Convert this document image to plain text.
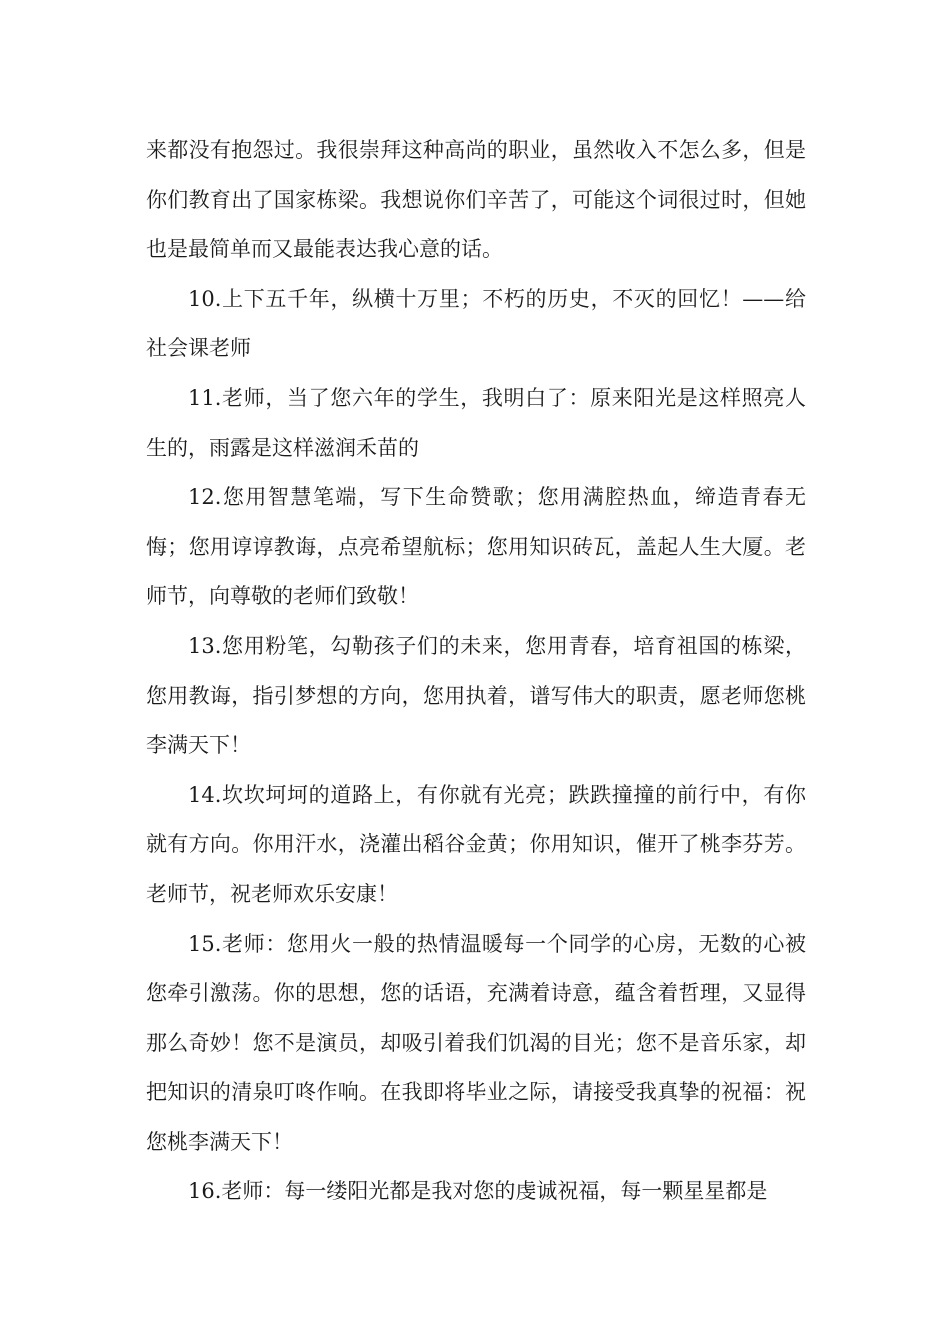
来都没有抱怨过。我很崇拜这种高尚的职业，虽然收入不怎么多，但是你们教育出了国家栋梁。我想说你们辛苦了，可能这个词很过时，但她也是最简单而又最能表达我心意的话。

10.上下五千年，纵横十万里；不朽的历史，不灭的回忆！——给社会课老师

11.老师，当了您六年的学生，我明白了：原来阳光是这样照亮人生的，雨露是这样滋润禾苗的

12.您用智慧笔端，写下生命赞歌；您用满腔热血，缔造青春无悔；您用谆谆教诲，点亮希望航标；您用知识砖瓦，盖起人生大厦。老师节，向尊敬的老师们致敬！

13.您用粉笔，勾勒孩子们的未来，您用青春，培育祖国的栋梁，您用教诲，指引梦想的方向，您用执着，谱写伟大的职责，愿老师您桃李满天下！

14.坎坎坷坷的道路上，有你就有光亮；跌跌撞撞的前行中，有你就有方向。你用汗水，浇灌出稻谷金黄；你用知识，催开了桃李芬芳。老师节，祝老师欢乐安康！

15.老师：您用火一般的热情温暖每一个同学的心房，无数的心被您牵引激荡。你的思想，您的话语，充满着诗意，蕴含着哲理，又显得那么奇妙！您不是演员，却吸引着我们饥渴的目光；您不是音乐家，却把知识的清泉叮咚作响。在我即将毕业之际，请接受我真挚的祝福：祝您桃李满天下！

16.老师：每一缕阳光都是我对您的虔诚祝福，每一颗星星都是
